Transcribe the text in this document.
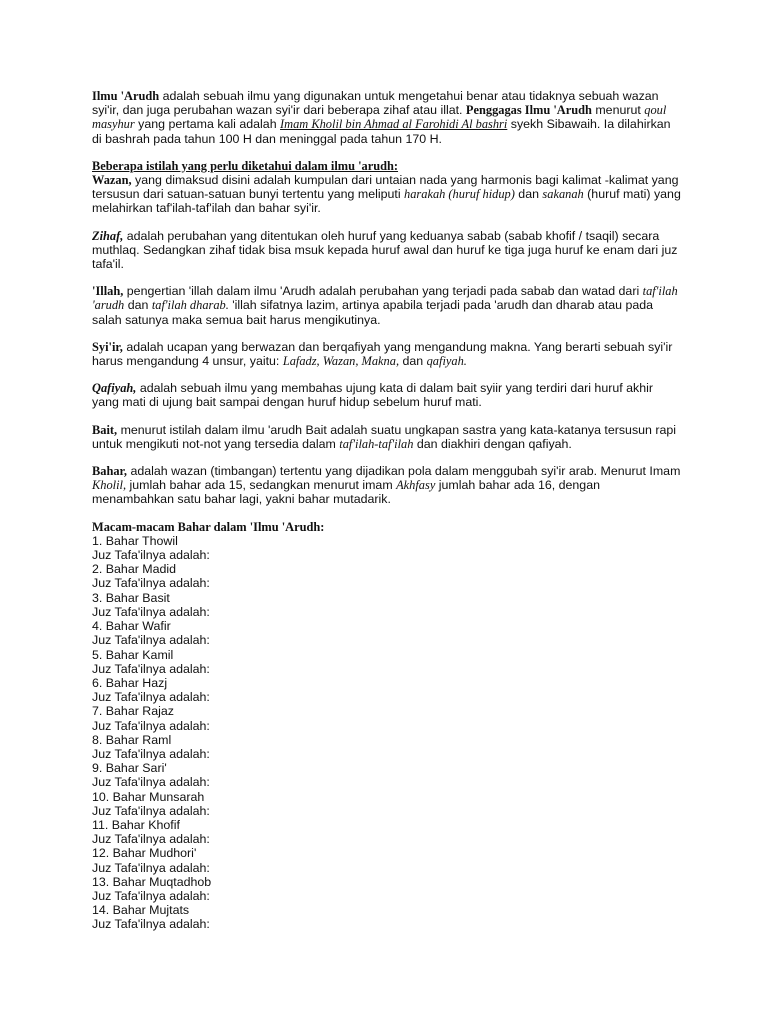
Ilmu 'Arudh adalah sebuah ilmu yang digunakan untuk mengetahui benar atau tidaknya sebuah wazan syi'ir, dan juga perubahan wazan syi'ir dari beberapa zihaf atau illat. Penggagas Ilmu 'Arudh menurut qoul masyhur yang pertama kali adalah Imam Kholil bin Ahmad al Farohidi Al bashri syekh Sibawaih. Ia dilahirkan di bashrah pada tahun 100 H dan meninggal pada tahun 170 H.

Beberapa istilah yang perlu diketahui dalam ilmu 'arudh:

Wazan, yang dimaksud disini adalah kumpulan dari untaian nada yang harmonis bagi kalimat -kalimat yang tersusun dari satuan-satuan bunyi tertentu yang meliputi harakah (huruf hidup) dan sakanah (huruf mati) yang melahirkan taf'ilah-taf'ilah dan bahar syi'ir.

Zihaf, adalah perubahan yang ditentukan oleh huruf yang keduanya sabab (sabab khofif / tsaqil) secara muthlaq. Sedangkan zihaf tidak bisa msuk kepada huruf awal dan huruf ke tiga juga huruf ke enam dari juz tafa'il.

'Illah, pengertian 'illah dalam ilmu 'Arudh adalah perubahan yang terjadi pada sabab dan watad dari taf'ilah 'arudh dan taf'ilah dharab. 'illah sifatnya lazim, artinya apabila terjadi pada 'arudh dan dharab atau pada salah satunya maka semua bait harus mengikutinya.

Syi'ir, adalah ucapan yang berwazan dan berqafiyah yang mengandung makna. Yang berarti sebuah syi'ir harus mengandung 4 unsur, yaitu: Lafadz, Wazan, Makna, dan qafiyah.

Qafiyah, adalah sebuah ilmu yang membahas ujung kata di dalam bait syiir yang terdiri dari huruf akhir yang mati di ujung bait sampai dengan huruf hidup sebelum huruf mati.

Bait, menurut istilah dalam ilmu 'arudh Bait adalah suatu ungkapan sastra yang kata-katanya tersusun rapi untuk mengikuti not-not yang tersedia dalam taf'ilah-taf'ilah dan diakhiri dengan qafiyah.

Bahar, adalah wazan (timbangan) tertentu yang dijadikan pola dalam menggubah syi'ir arab. Menurut Imam Kholil, jumlah bahar ada 15, sedangkan menurut imam Akhfasy jumlah bahar ada 16, dengan menambahkan satu bahar lagi, yakni bahar mutadarik.

Macam-macam Bahar dalam 'Ilmu 'Arudh:
1. Bahar Thowil
Juz Tafa'ilnya adalah:
2. Bahar Madid
Juz Tafa'ilnya adalah:
3. Bahar Basit
Juz Tafa'ilnya adalah:
4. Bahar Wafir
Juz Tafa'ilnya adalah:
5. Bahar Kamil
Juz Tafa'ilnya adalah:
6. Bahar Hazj
Juz Tafa'ilnya adalah:
7. Bahar Rajaz
Juz Tafa'ilnya adalah:
8. Bahar Raml
Juz Tafa'ilnya adalah:
9. Bahar Sari'
Juz Tafa'ilnya adalah:
10. Bahar Munsarah
Juz Tafa'ilnya adalah:
11. Bahar Khofif
Juz Tafa'ilnya adalah:
12. Bahar Mudhori'
Juz Tafa'ilnya adalah:
13. Bahar Muqtadhob
Juz Tafa'ilnya adalah:
14. Bahar Mujtats
Juz Tafa'ilnya adalah:
